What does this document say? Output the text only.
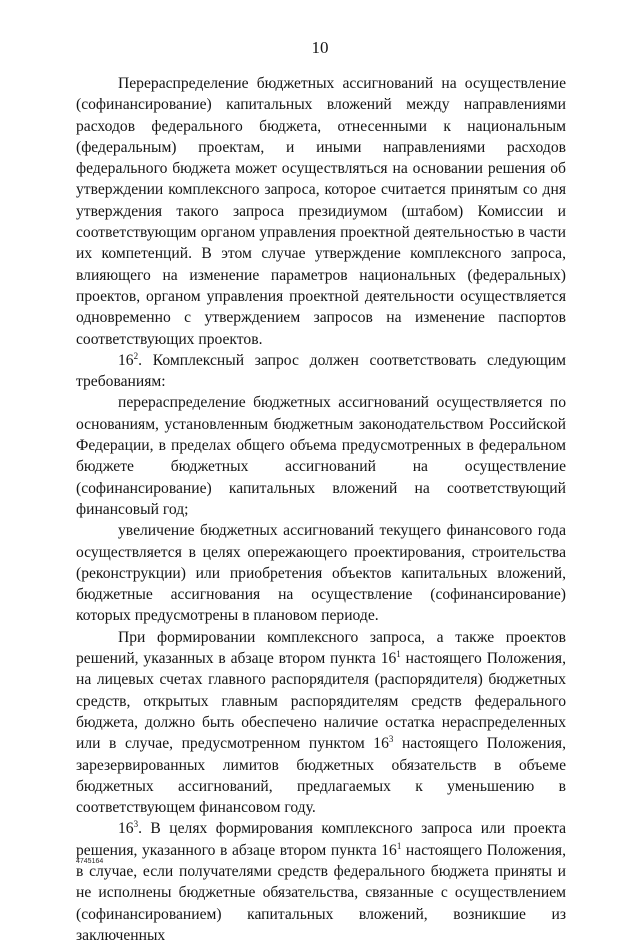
10

Перераспределение бюджетных ассигнований на осуществление (софинансирование) капитальных вложений между направлениями расходов федерального бюджета, отнесенными к национальным (федеральным) проектам, и иными направлениями расходов федерального бюджета может осуществляться на основании решения об утверждении комплексного запроса, которое считается принятым со дня утверждения такого запроса президиумом (штабом) Комиссии и соответствующим органом управления проектной деятельностью в части их компетенций. В этом случае утверждение комплексного запроса, влияющего на изменение параметров национальных (федеральных) проектов, органом управления проектной деятельности осуществляется одновременно с утверждением запросов на изменение паспортов соответствующих проектов.

$16^2$. Комплексный запрос должен соответствовать следующим требованиям:

перераспределение бюджетных ассигнований осуществляется по основаниям, установленным бюджетным законодательством Российской Федерации, в пределах общего объема предусмотренных в федеральном бюджете бюджетных ассигнований на осуществление (софинансирование) капитальных вложений на соответствующий финансовый год;

увеличение бюджетных ассигнований текущего финансового года осуществляется в целях опережающего проектирования, строительства (реконструкции) или приобретения объектов капитальных вложений, бюджетные ассигнования на осуществление (софинансирование) которых предусмотрены в плановом периоде.

При формировании комплексного запроса, а также проектов решений, указанных в абзаце втором пункта $16^1$ настоящего Положения, на лицевых счетах главного распорядителя (распорядителя) бюджетных средств, открытых главным распорядителям средств федерального бюджета, должно быть обеспечено наличие остатка нераспределенных или в случае, предусмотренном пунктом $16^3$ настоящего Положения, зарезервированных лимитов бюджетных обязательств в объеме бюджетных ассигнований, предлагаемых к уменьшению в соответствующем финансовом году.

$16^3$. В целях формирования комплексного запроса или проекта решения, указанного в абзаце втором пункта $16^1$ настоящего Положения, в случае, если получателями средств федерального бюджета приняты и не исполнены бюджетные обязательства, связанные с осуществлением (софинансированием) капитальных вложений, возникшие из заключенных

4745164
